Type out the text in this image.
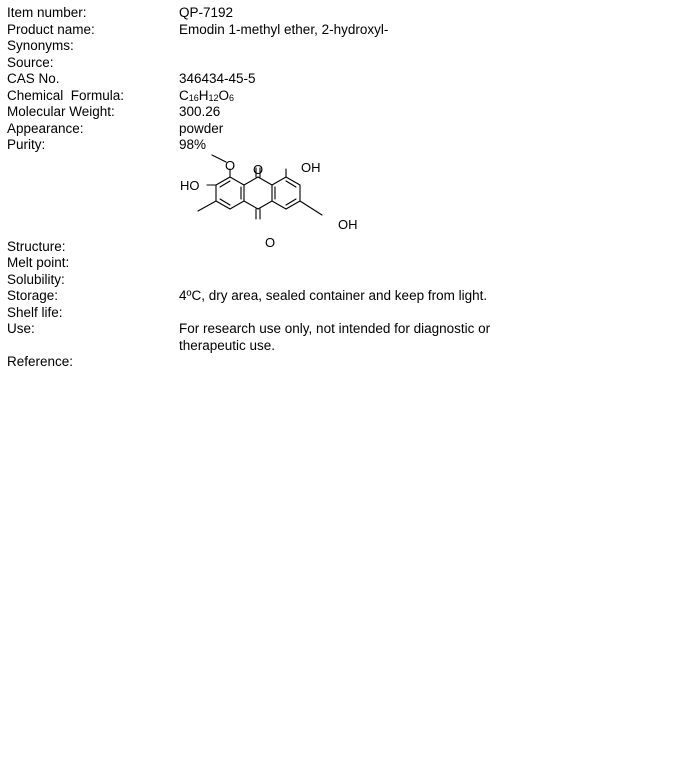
Item number:	QP-7192
Product name:	Emodin 1-methyl ether, 2-hydroxyl-
Synonyms:
Source:
CAS No.	346434-45-5
Chemical  Formula:	$C_{16}H_{12}O_6$
Molecular Weight:	300.26
Appearance:	powder
Purity:	98%
O O	OH
HO
O
OH
Structure:
Melt point:
Solubility:
Storage:	4ºC, dry area, sealed container and keep from light.
Shelf life:
Use:	For research use only, not intended for diagnostic or
therapeutic use.
Reference:
